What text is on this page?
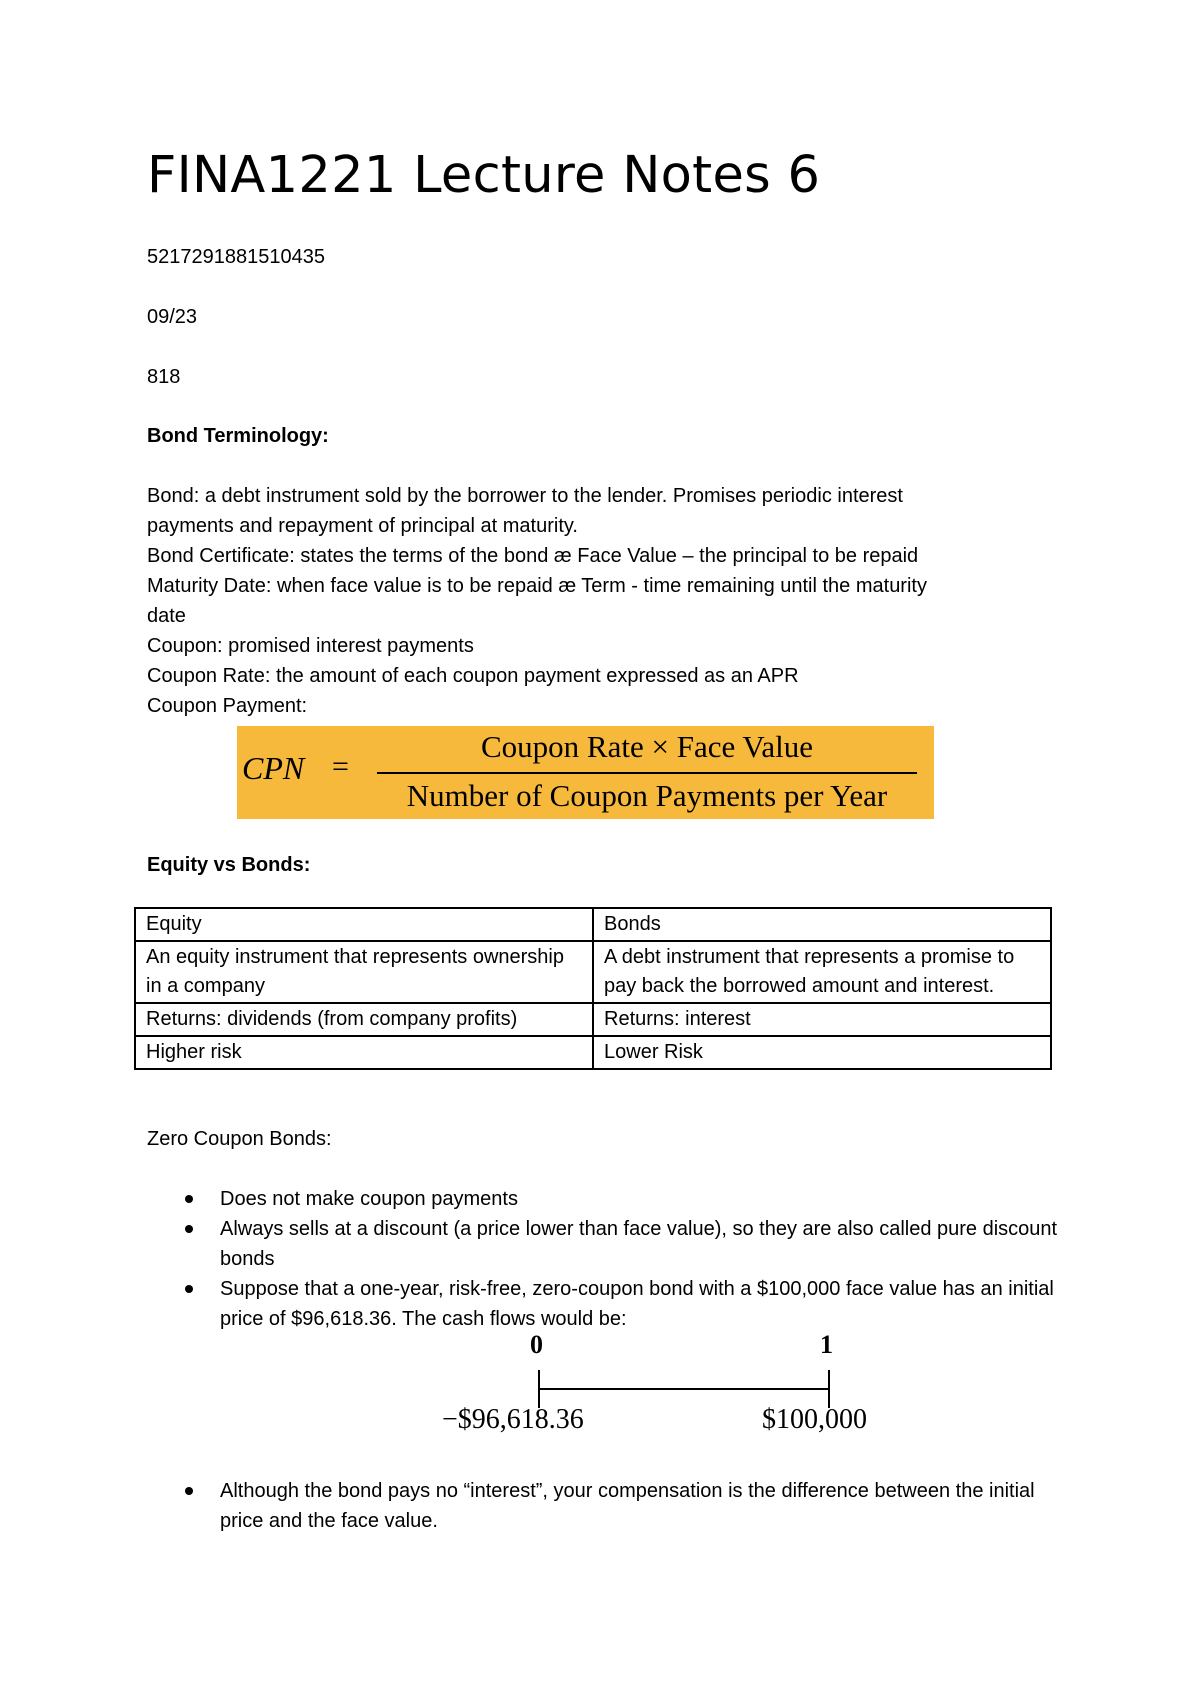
FINA1221 Lecture Notes 6
5217291881510435
09/23
818
Bond Terminology:
Bond: a debt instrument sold by the borrower to the lender. Promises periodic interest
payments and repayment of principal at maturity.
Bond Certificate: states the terms of the bond æ Face Value – the principal to be repaid
Maturity Date: when face value is to be repaid æ Term - time remaining until the maturity
date
Coupon: promised interest payments
Coupon Rate: the amount of each coupon payment expressed as an APR
Coupon Payment:
CPN =
Coupon Rate × Face Value
Number of Coupon Payments per Year
Equity vs Bonds:
Equity	Bonds
An equity instrument that represents ownership in a company	A debt instrument that represents a promise to pay back the borrowed amount and interest.
Returns: dividends (from company profits)	Returns: interest
Higher risk	Lower Risk
Zero Coupon Bonds:
Does not make coupon payments
Always sells at a discount (a price lower than face value), so they are also called pure discount bonds
Suppose that a one-year, risk-free, zero-coupon bond with a $100,000 face value has an initial price of $96,618.36. The cash flows would be:
0	1
−$96,618.36	$100,000
Although the bond pays no “interest”, your compensation is the difference between the initial price and the face value.
